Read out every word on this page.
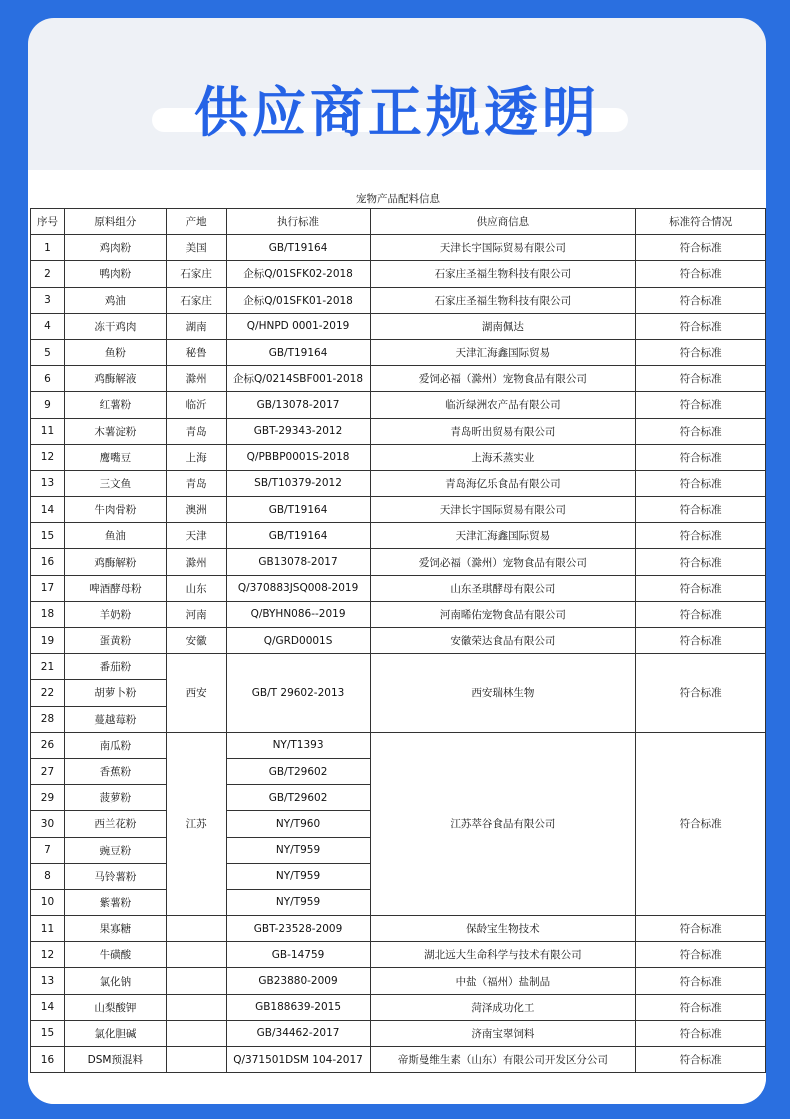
供应商正规透明
宠物产品配料信息					
序号	原料组分	产地	执行标准	供应商信息	标准符合情况
1	鸡肉粉	美国	GB/T19164	天津长宇国际贸易有限公司	符合标准
2	鸭肉粉	石家庄	企标Q/01SFK02-2018	石家庄圣福生物科技有限公司	符合标准
3	鸡油	石家庄	企标Q/01SFK01-2018	石家庄圣福生物科技有限公司	符合标准
4	冻干鸡肉	湖南	Q/HNPD 0001-2019	湖南佩达	符合标准
5	鱼粉	秘鲁	GB/T19164	天津汇海鑫国际贸易	符合标准
6	鸡酶解液	滁州	企标Q/0214SBF001-2018	爱饲必福（滁州）宠物食品有限公司	符合标准
9	红薯粉	临沂	GB/13078-2017	临沂绿洲农产品有限公司	符合标准
11	木薯淀粉	青岛	GBT-29343-2012	青岛昕出贸易有限公司	符合标准
12	鹰嘴豆	上海	Q/PBBP0001S-2018	上海禾蒸实业	符合标准
13	三文鱼	青岛	SB/T10379-2012	青岛海亿乐食品有限公司	符合标准
14	牛肉骨粉	澳洲	GB/T19164	天津长宇国际贸易有限公司	符合标准
15	鱼油	天津	GB/T19164	天津汇海鑫国际贸易	符合标准
16	鸡酶解粉	滁州	GB13078-2017	爱饲必福（滁州）宠物食品有限公司	符合标准
17	啤酒酵母粉	山东	Q/370883JSQ008-2019	山东圣琪酵母有限公司	符合标准
18	羊奶粉	河南	Q/BYHN086--2019	河南晞佑宠物食品有限公司	符合标准
19	蛋黄粉	安徽	Q/GRD0001S	安徽荣达食品有限公司	符合标准
21	番茄粉	西安	GB/T 29602-2013	西安瑞林生物	符合标准
22	胡萝卜粉				
28	蔓越莓粉				
26	南瓜粉	江苏	NY/T1393	江苏萃谷食品有限公司	符合标准
27	香蕉粉		GB/T29602		
29	菠萝粉		GB/T29602		
30	西兰花粉		NY/T960		
7	豌豆粉		NY/T959		
8	马铃薯粉		NY/T959		
10	紫薯粉		NY/T959		
11	果寡糖		GBT-23528-2009	保龄宝生物技术	符合标准
12	牛磺酸		GB-14759	湖北远大生命科学与技术有限公司	符合标准
13	氯化钠		GB23880-2009	中盐（福州）盐制品	符合标准
14	山梨酸钾		GB188639-2015	菏泽成功化工	符合标准
15	氯化胆碱		GB/34462-2017	济南宝翠饲料	符合标准
16	DSM预混料		Q/371501DSM 104-2017	帝斯曼维生素（山东）有限公司开发区分公司	符合标准
